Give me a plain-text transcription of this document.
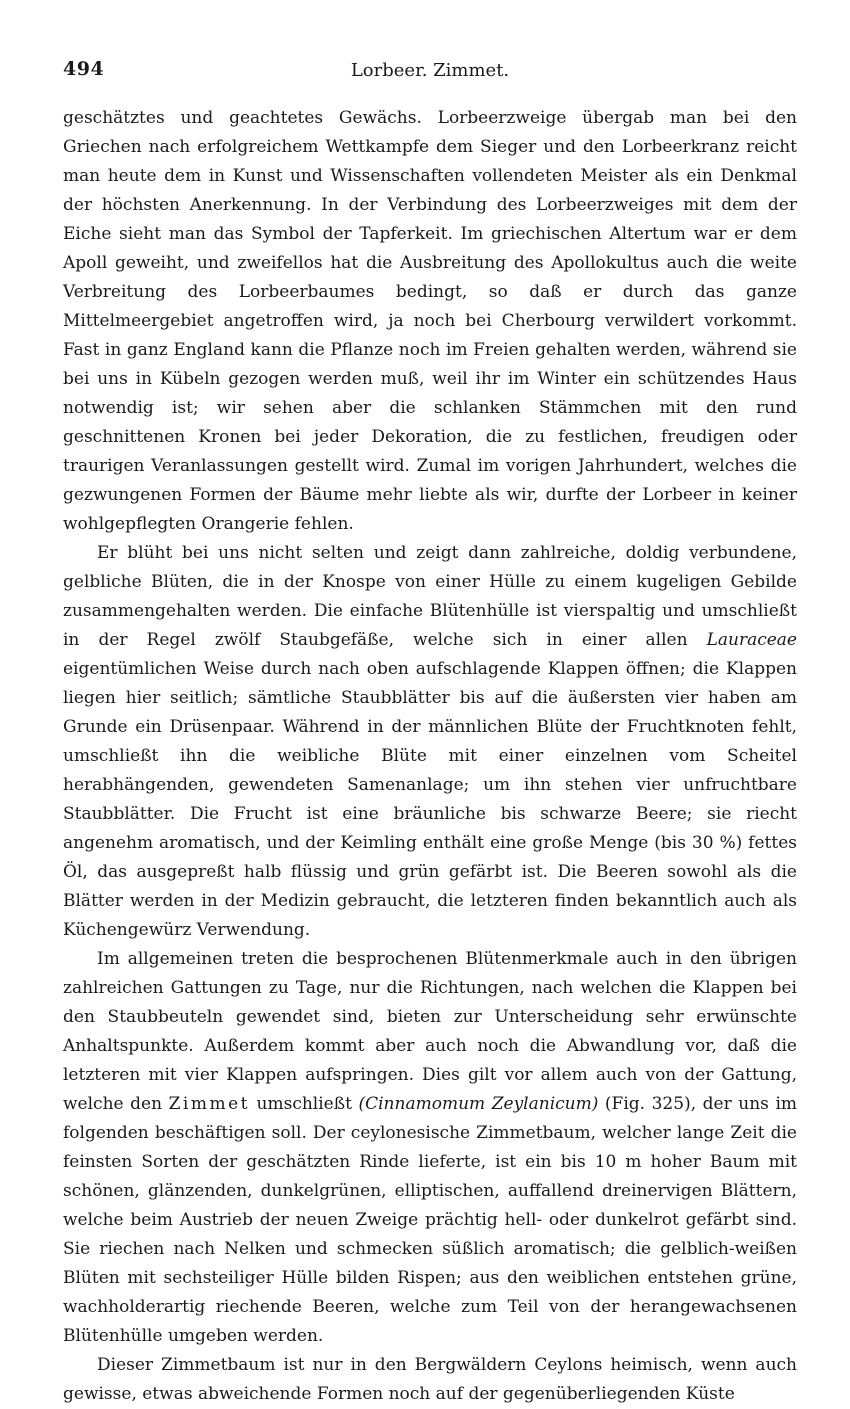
494	Lorbeer. Zimmet.

geschätztes und geachtetes Gewächs. Lorbeerzweige übergab man bei den Griechen nach erfolgreichem Wettkampfe dem Sieger und den Lorbeerkranz reicht man heute dem in Kunst und Wissenschaften vollendeten Meister als ein Denkmal der höchsten Anerkennung. In der Verbindung des Lorbeerzweiges mit dem der Eiche sieht man das Symbol der Tapferkeit. Im griechischen Altertum war er dem Apoll geweiht, und zweifellos hat die Ausbreitung des Apollokultus auch die weite Verbreitung des Lorbeerbaumes bedingt, so daß er durch das ganze Mittelmeergebiet angetroffen wird, ja noch bei Cherbourg verwildert vorkommt. Fast in ganz England kann die Pflanze noch im Freien gehalten werden, während sie bei uns in Kübeln gezogen werden muß, weil ihr im Winter ein schützendes Haus notwendig ist; wir sehen aber die schlanken Stämmchen mit den rund geschnittenen Kronen bei jeder Dekoration, die zu festlichen, freudigen oder traurigen Veranlassungen gestellt wird. Zumal im vorigen Jahrhundert, welches die gezwungenen Formen der Bäume mehr liebte als wir, durfte der Lorbeer in keiner wohlgepflegten Orangerie fehlen.

Er blüht bei uns nicht selten und zeigt dann zahlreiche, doldig verbundene, gelbliche Blüten, die in der Knospe von einer Hülle zu einem kugeligen Gebilde zusammengehalten werden. Die einfache Blütenhülle ist vierspaltig und umschließt in der Regel zwölf Staubgefäße, welche sich in einer allen Lauraceae eigentümlichen Weise durch nach oben aufschlagende Klappen öffnen; die Klappen liegen hier seitlich; sämtliche Staubblätter bis auf die äußersten vier haben am Grunde ein Drüsenpaar. Während in der männlichen Blüte der Fruchtknoten fehlt, umschließt ihn die weibliche Blüte mit einer einzelnen vom Scheitel herabhängenden, gewendeten Samenanlage; um ihn stehen vier unfruchtbare Staubblätter. Die Frucht ist eine bräunliche bis schwarze Beere; sie riecht angenehm aromatisch, und der Keimling enthält eine große Menge (bis 30 %) fettes Öl, das ausgepreßt halb flüssig und grün gefärbt ist. Die Beeren sowohl als die Blätter werden in der Medizin gebraucht, die letzteren finden bekanntlich auch als Küchengewürz Verwendung.

Im allgemeinen treten die besprochenen Blütenmerkmale auch in den übrigen zahlreichen Gattungen zu Tage, nur die Richtungen, nach welchen die Klappen bei den Staubbeuteln gewendet sind, bieten zur Unterscheidung sehr erwünschte Anhaltspunkte. Außerdem kommt aber auch noch die Abwandlung vor, daß die letzteren mit vier Klappen aufspringen. Dies gilt vor allem auch von der Gattung, welche den Zimmet umschließt (Cinnamomum Zeylanicum) (Fig. 325), der uns im folgenden beschäftigen soll. Der ceylonesische Zimmetbaum, welcher lange Zeit die feinsten Sorten der geschätzten Rinde lieferte, ist ein bis 10 m hoher Baum mit schönen, glänzenden, dunkelgrünen, elliptischen, auffallend dreinervigen Blättern, welche beim Austrieb der neuen Zweige prächtig hell- oder dunkelrot gefärbt sind. Sie riechen nach Nelken und schmecken süßlich aromatisch; die gelblich-weißen Blüten mit sechsteiliger Hülle bilden Rispen; aus den weiblichen entstehen grüne, wachholderartig riechende Beeren, welche zum Teil von der herangewachsenen Blütenhülle umgeben werden.

Dieser Zimmetbaum ist nur in den Bergwäldern Ceylons heimisch, wenn auch gewisse, etwas abweichende Formen noch auf der gegenüberliegenden Küste
